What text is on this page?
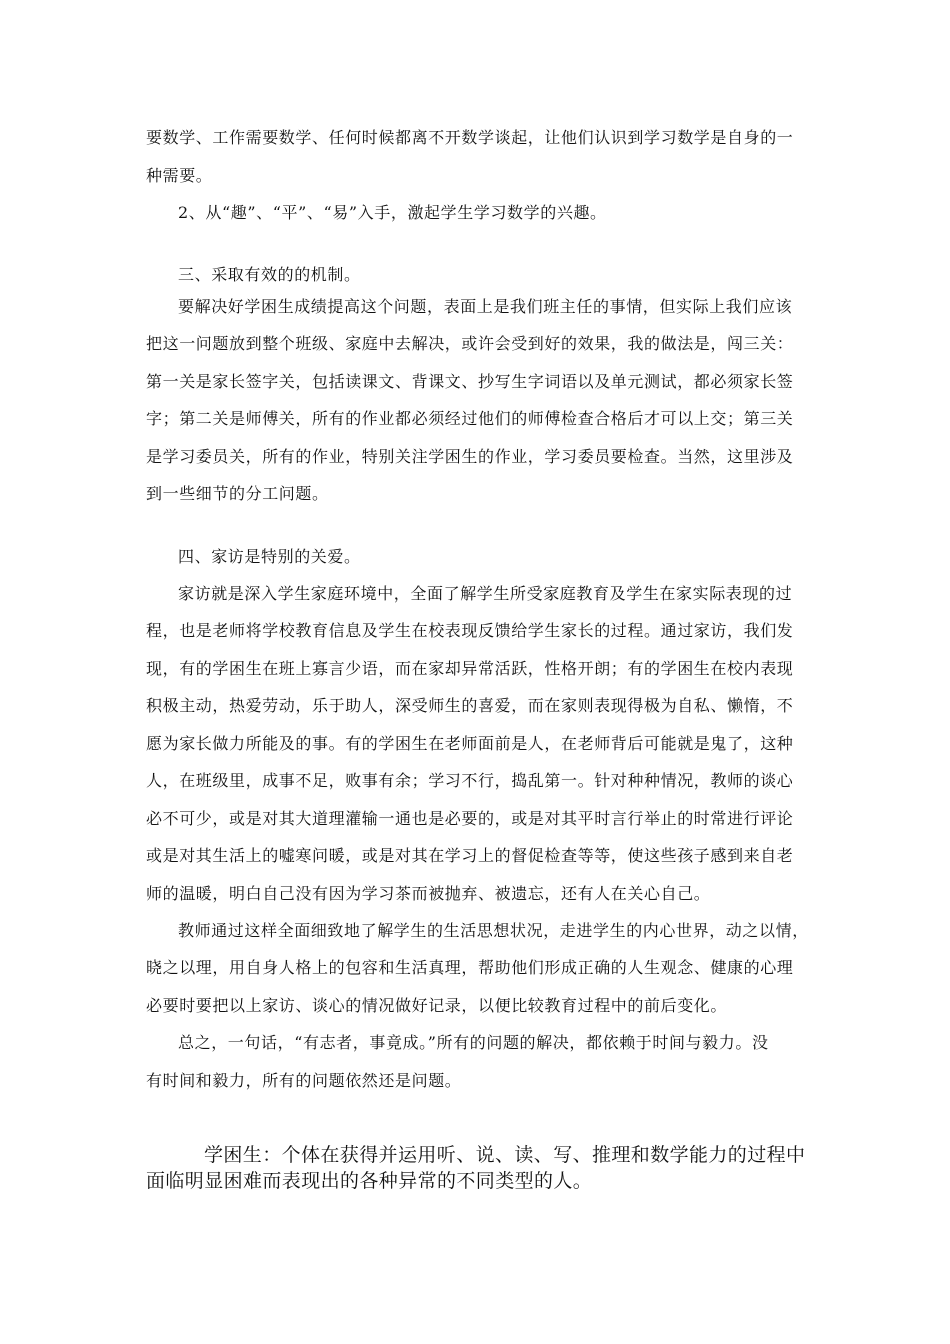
要数学、工作需要数学、任何时候都离不开数学谈起，让他们认识到学习数学是自身的一
种需要。
2、从“趣”、“平”、“易”入手，激起学生学习数学的兴趣。
三、采取有效的的机制。
要解决好学困生成绩提高这个问题，表面上是我们班主任的事情，但实际上我们应该
把这一问题放到整个班级、家庭中去解决，或许会受到好的效果，我的做法是，闯三关：
第一关是家长签字关，包括读课文、背课文、抄写生字词语以及单元测试，都必须家长签
字；第二关是师傅关，所有的作业都必须经过他们的师傅检查合格后才可以上交；第三关
是学习委员关，所有的作业，特别关注学困生的作业，学习委员要检查。当然，这里涉及
到一些细节的分工问题。
四、家访是特别的关爱。
家访就是深入学生家庭环境中，全面了解学生所受家庭教育及学生在家实际表现的过
程，也是老师将学校教育信息及学生在校表现反馈给学生家长的过程。通过家访，我们发
现，有的学困生在班上寡言少语，而在家却异常活跃，性格开朗；有的学困生在校内表现
积极主动，热爱劳动，乐于助人，深受师生的喜爱，而在家则表现得极为自私、懒惰，不
愿为家长做力所能及的事。有的学困生在老师面前是人，在老师背后可能就是鬼了，这种
人，在班级里，成事不足，败事有余；学习不行，捣乱第一。针对种种情况，教师的谈心
必不可少，或是对其大道理灌输一通也是必要的，或是对其平时言行举止的时常进行评论
或是对其生活上的嘘寒问暖，或是对其在学习上的督促检查等等，使这些孩子感到来自老
师的温暖，明白自己没有因为学习茶而被抛弃、被遗忘，还有人在关心自己。
教师通过这样全面细致地了解学生的生活思想状况，走进学生的内心世界，动之以情，
晓之以理，用自身人格上的包容和生活真理，帮助他们形成正确的人生观念、健康的心理
必要时要把以上家访、谈心的情况做好记录，以便比较教育过程中的前后变化。
总之，一句话，“有志者，事竟成。”所有的问题的解决，都依赖于时间与毅力。没
有时间和毅力，所有的问题依然还是问题。
学困生：个体在获得并运用听、说、读、写、推理和数学能力的过程中
面临明显困难而表现出的各种异常的不同类型的人。
